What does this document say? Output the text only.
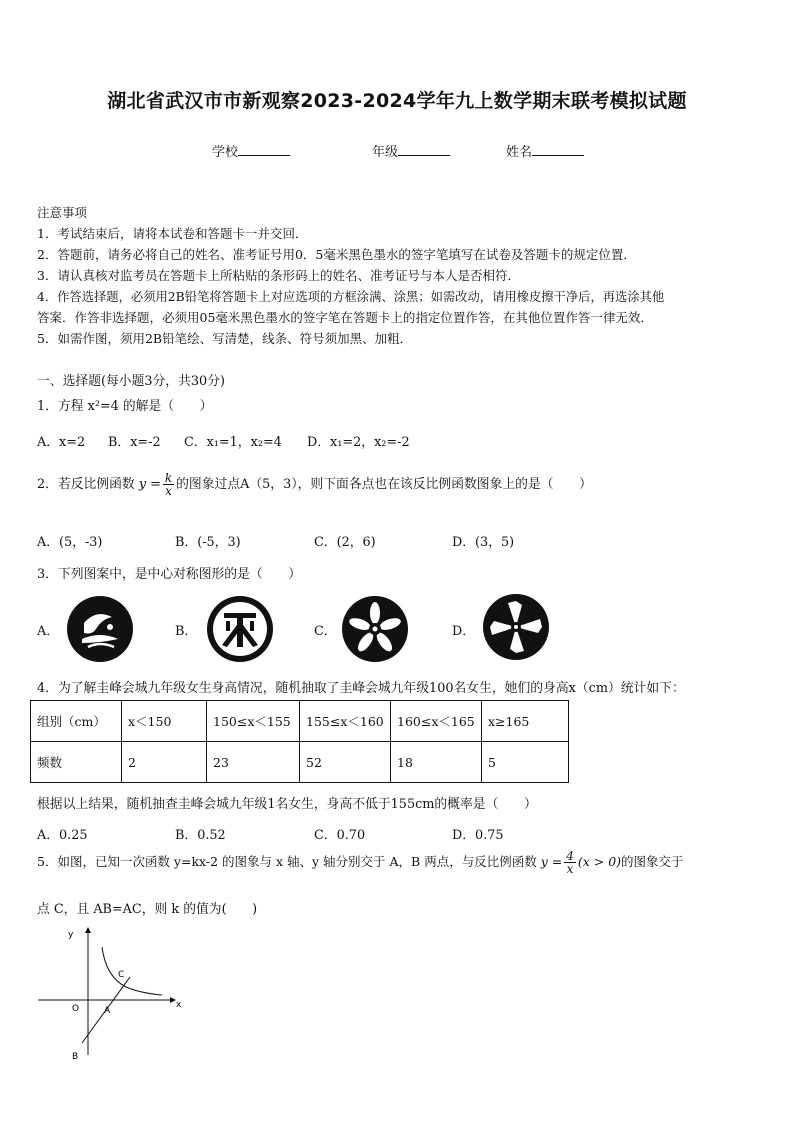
湖北省武汉市市新观察2023-2024学年九上数学期末联考模拟试题
学校	年级	姓名
注意事项
1．考试结束后，请将本试卷和答题卡一并交回．
2．答题前，请务必将自己的姓名、准考证号用0．5毫米黑色墨水的签字笔填写在试卷及答题卡的规定位置．
3．请认真核对监考员在答题卡上所粘贴的条形码上的姓名、准考证号与本人是否相符．
4．作答选择题，必须用2B铅笔将答题卡上对应选项的方框涂满、涂黑；如需改动，请用橡皮擦干净后，再选涂其他
答案．作答非选择题，必须用05毫米黑色墨水的签字笔在答题卡上的指定位置作答，在其他位置作答一律无效．
5．如需作图，须用2B铅笔绘、写清楚，线条、符号须加黑、加粗．
一、选择题(每小题3分，共30分)
1．方程 x²=4 的解是（　　）
A．x=2 B．x=-2 C．x₁=1，x₂=4 D．x₁=2，x₂=-2
2．若反比例函数 $y = \frac{k}{x}$ 的图象过点A（5，3），则下面各点也在该反比例函数图象上的是（　　）
A．(5，-3)	B．(-5，3)	C．(2，6)	D．(3，5)
3．下列图案中，是中心对称图形的是（　　）
A．	B．	C．	D．
4．为了解圭峰会城九年级女生身高情况，随机抽取了圭峰会城九年级100名女生，她们的身高x（cm）统计如下：
组别（cm）	x＜150	150≤x＜155	155≤x＜160	160≤x＜165	x≥165
频数	2	23	52	18	5
根据以上结果，随机抽查圭峰会城九年级1名女生，身高不低于155cm的概率是（　　）
A．0.25	B．0.52	C．0.70	D．0.75
5．如图，已知一次函数 y=kx-2 的图象与 x 轴、y 轴分别交于 A，B 两点，与反比例函数 $y = \frac{4}{x} (x > 0)$的图象交于
点 C，且 AB=AC，则 k 的值为(　　)
y
x
O	A
B
C
